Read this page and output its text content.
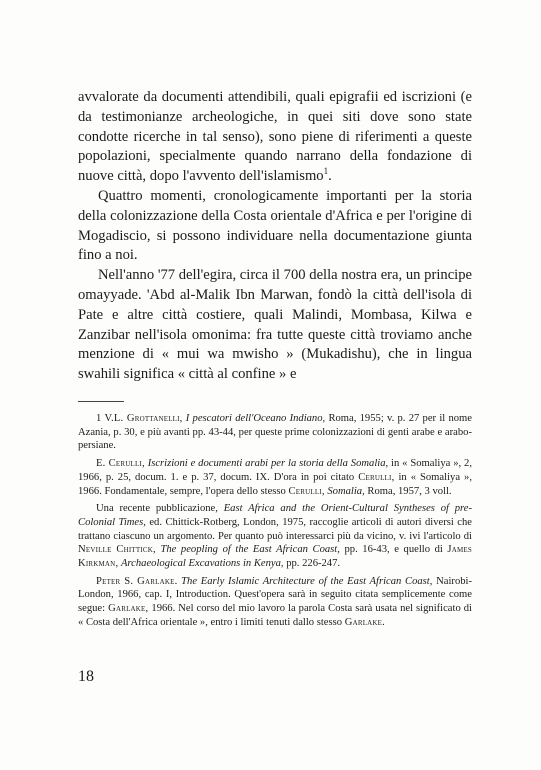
avvalorate da documenti attendibili, quali epigrafii ed iscrizioni (e da testimonianze archeologiche, in quei siti dove sono state condotte ricerche in tal senso), sono piene di riferimenti a queste popolazioni, specialmente quando narrano della fondazione di nuove città, dopo l'avvento dell'islamismo$^1$.

Quattro momenti, cronologicamente importanti per la storia della colonizzazione della Costa orientale d'Africa e per l'origine di Mogadiscio, si possono individuare nella documentazione giunta fino a noi.

Nell'anno '77 dell'egira, circa il 700 della nostra era, un principe omayyade. 'Abd al-Malik Ibn Marwan, fondò la città dell'isola di Pate e altre città costiere, quali Malindi, Mombasa, Kilwa e Zanzibar nell'isola omonima: fra tutte queste città troviamo anche menzione di « mui wa mwisho » (Mukadishu), che in lingua swahili significa « città al confine » e

1 V.L. Grottanelli, I pescatori dell'Oceano Indiano, Roma, 1955; v. p. 27 per il nome Azania, p. 30, e più avanti pp. 43-44, per queste prime colonizzazioni di genti arabe e arabo-persiane.

E. Cerulli, Iscrizioni e documenti arabi per la storia della Somalia, in « Somaliya », 2, 1966, p. 25, docum. 1. e p. 37, docum. IX. D'ora in poi citato Cerulli, in « Somaliya », 1966. Fondamentale, sempre, l'opera dello stesso Cerulli, Somalia, Roma, 1957, 3 voll.

Una recente pubblicazione, East Africa and the Orient-Cultural Syntheses of pre-Colonial Times, ed. Chittick-Rotberg, London, 1975, raccoglie articoli di autori diversi che trattano ciascuno un argomento. Per quanto può interessarci più da vicino, v. ivi l'articolo di Neville Chittick, The peopling of the East African Coast, pp. 16-43, e quello di James Kirkman, Archaeological Excavations in Kenya, pp. 226-247.

Peter S. Garlake. The Early Islamic Architecture of the East African Coast, Nairobi-London, 1966, cap. I, Introduction. Quest'opera sarà in seguito citata semplicemente come segue: Garlake, 1966. Nel corso del mio lavoro la parola Costa sarà usata nel significato di « Costa dell'Africa orientale », entro i limiti tenuti dallo stesso Garlake.

18
